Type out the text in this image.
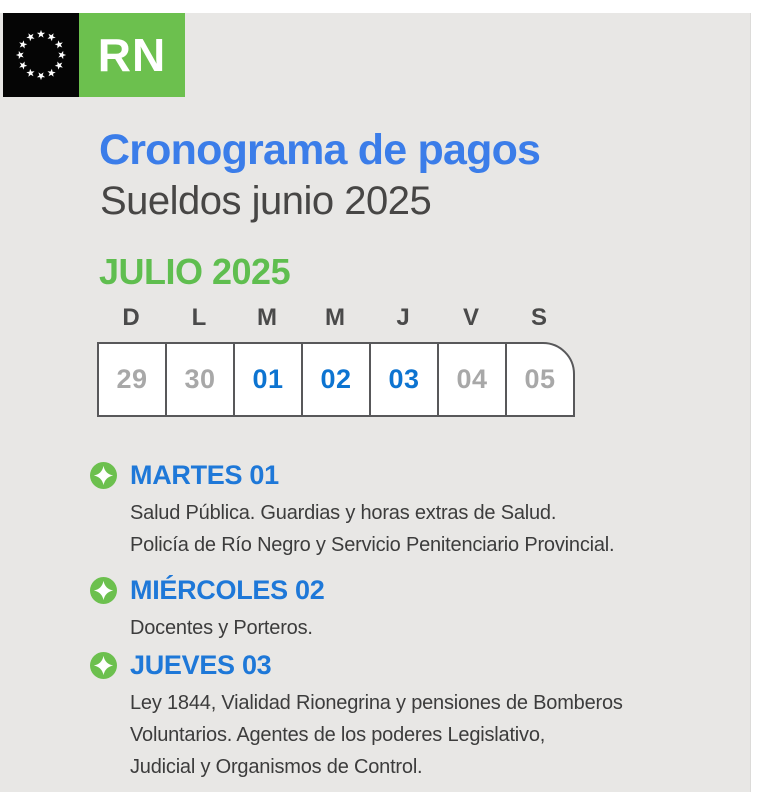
RN
Cronograma de pagos
Sueldos junio 2025
JULIO 2025
D	L	M	M	J	V	S
29	30	01	02	03	04	05
MARTES 01
Salud Pública. Guardias y horas extras de Salud.
Policía de Río Negro y Servicio Penitenciario Provincial.
MIÉRCOLES 02
Docentes y Porteros.
JUEVES 03
Ley 1844, Vialidad Rionegrina y pensiones de Bomberos
Voluntarios. Agentes de los poderes Legislativo,
Judicial y Organismos de Control.
